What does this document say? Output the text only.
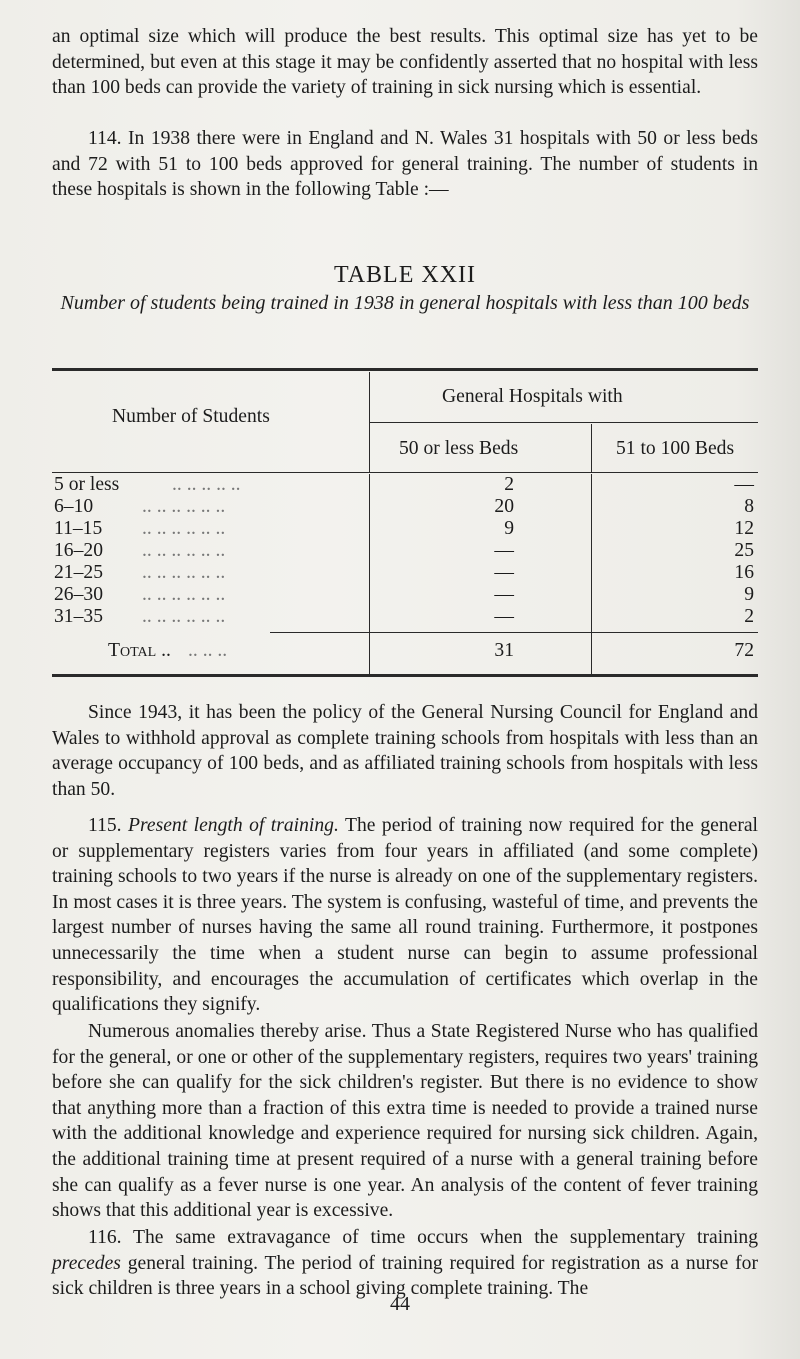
an optimal size which will produce the best results. This optimal size has yet to be determined, but even at this stage it may be confidently asserted that no hospital with less than 100 beds can provide the variety of training in sick nursing which is essential.

114. In 1938 there were in England and N. Wales 31 hospitals with 50 or less beds and 72 with 51 to 100 beds approved for general training. The number of students in these hospitals is shown in the following Table :—

TABLE XXII

Number of students being trained in 1938 in general hospitals with less than 100 beds

General Hospitals with
Number of Students
50 or less Beds	51 to 100 Beds
5 or less	.. .. .. .. ..	2	—
6–10 .. .. .. .. .. ..	20	8
11–15 .. .. .. .. .. ..	9	12
16–20 .. .. .. .. .. ..	—	25
21–25 .. .. .. .. .. ..	—	16
26–30 .. .. .. .. .. ..	—	9
31–35 .. .. .. .. .. ..	—	2
Total .. .. .. ..	31	72

Since 1943, it has been the policy of the General Nursing Council for England and Wales to withhold approval as complete training schools from hospitals with less than an average occupancy of 100 beds, and as affiliated training schools from hospitals with less than 50.

115. Present length of training. The period of training now required for the general or supplementary registers varies from four years in affiliated (and some complete) training schools to two years if the nurse is already on one of the supplementary registers. In most cases it is three years. The system is confusing, wasteful of time, and prevents the largest number of nurses having the same all round training. Furthermore, it postpones unnecessarily the time when a student nurse can begin to assume professional responsibility, and encourages the accumulation of certificates which overlap in the qualifications they signify.

Numerous anomalies thereby arise. Thus a State Registered Nurse who has qualified for the general, or one or other of the supplementary registers, requires two years' training before she can qualify for the sick children's register. But there is no evidence to show that anything more than a fraction of this extra time is needed to provide a trained nurse with the additional knowledge and experience required for nursing sick children. Again, the additional training time at present required of a nurse with a general training before she can qualify as a fever nurse is one year. An analysis of the content of fever training shows that this additional year is excessive.

116. The same extravagance of time occurs when the supplementary training precedes general training. The period of training required for registration as a nurse for sick children is three years in a school giving complete training. The

44
